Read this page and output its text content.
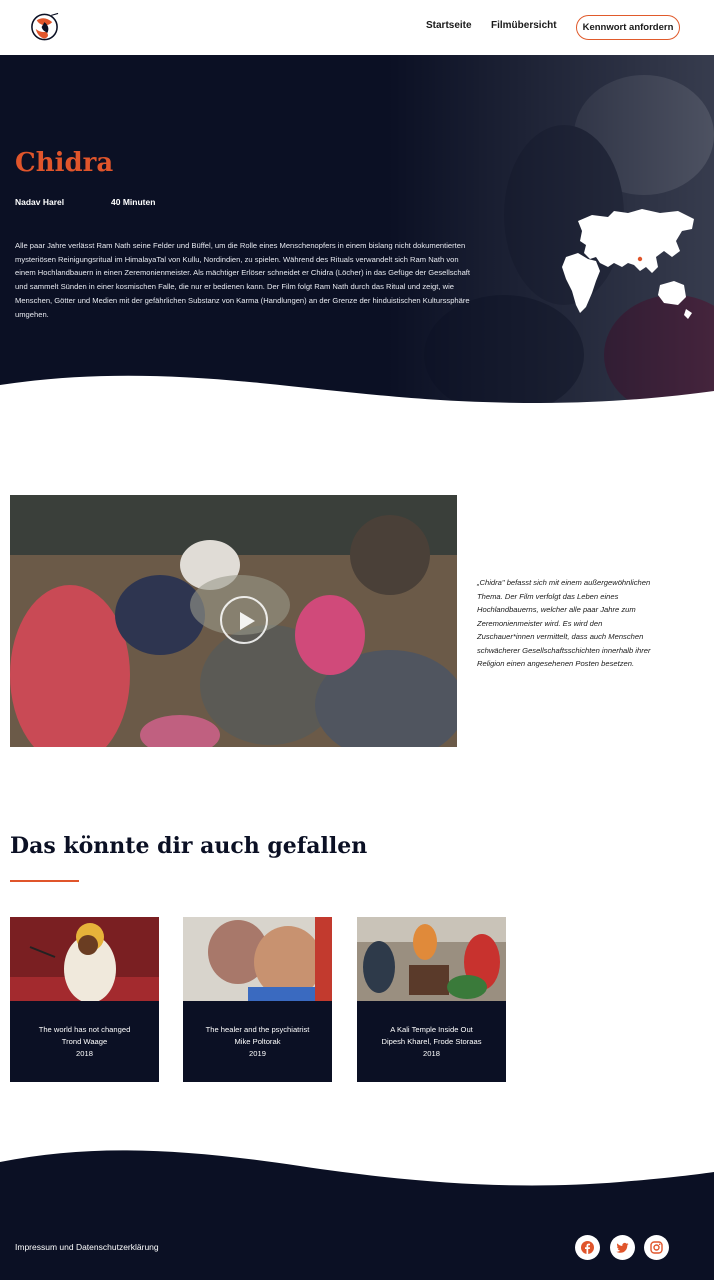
Startseite Filmübersicht	Kennwort anfordern
Chidra
Nadav Harel	40 Minuten

Alle paar Jahre verlässt Ram Nath seine Felder und Büffel, um die Rolle eines Menschenopfers in einem bislang nicht dokumentierten mysteriösen Reinigungsritual im HimalayaTal von Kullu, Nordindien, zu spielen. Während des Rituals verwandelt sich Ram Nath von einem Hochlandbauern in einen Zeremonienmeister. Als mächtiger Erlöser schneidet er Chidra (Löcher) in das Gefüge der Gesellschaft und sammelt Sünden in einer kosmischen Falle, die nur er bedienen kann. Der Film folgt Ram Nath durch das Ritual und zeigt, wie Menschen, Götter und Medien mit der gefährlichen Substanz von Karma (Handlungen) an der Grenze der hinduistischen Kulturssphäre umgehen.

„Chidra" befasst sich mit einem außergewöhnlichen Thema. Der Film verfolgt das Leben eines Hochlandbauerns, welcher alle paar Jahre zum Zeremonienmeister wird. Es wird den Zuschauer*innen vermittelt, dass auch Menschen schwächerer Gesellschaftsschichten innerhalb ihrer Religion einen angesehenen Posten besetzen.

Das könnte dir auch gefallen
The world has not changed
Trond Waage
2018
The healer and the psychiatrist
Mike Poltorak
2019
A Kali Temple Inside Out
Dipesh Kharel, Frode Storaas
2018
Impressum und Datenschutzerklärung
